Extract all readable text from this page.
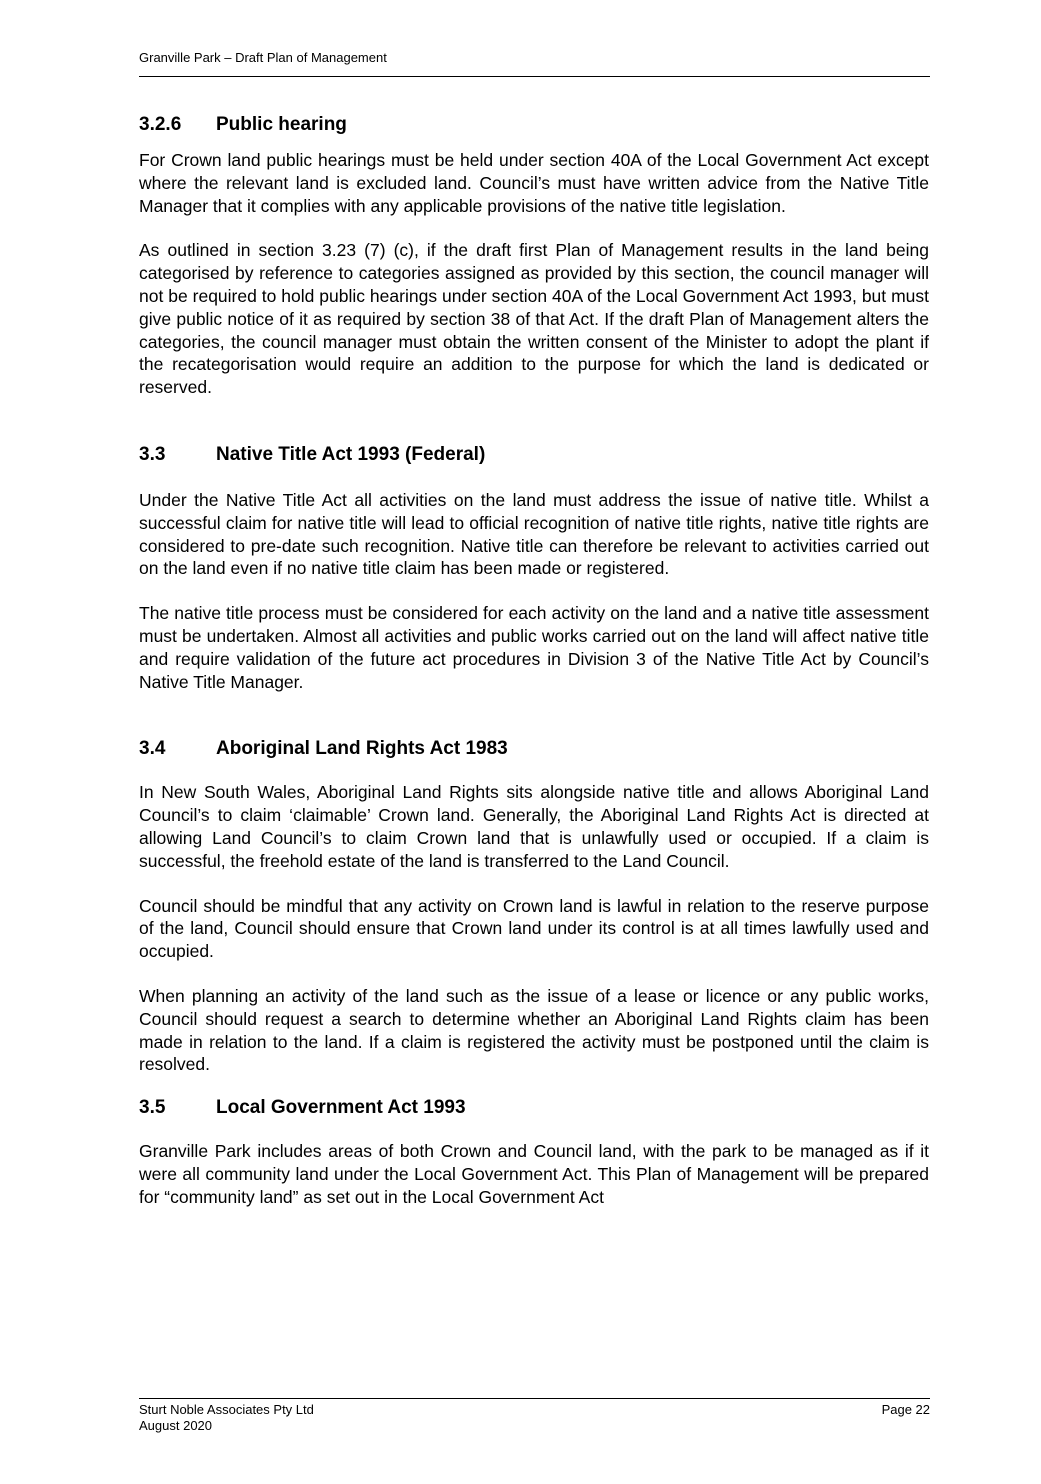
Granville Park – Draft Plan of Management
3.2.6	Public hearing

For Crown land public hearings must be held under section 40A of the Local Government Act except where the relevant land is excluded land. Council’s must have written advice from the Native Title Manager that it complies with any applicable provisions of the native title legislation.

As outlined in section 3.23 (7) (c), if the draft first Plan of Management results in the land being categorised by reference to categories assigned as provided by this section, the council manager will not be required to hold public hearings under section 40A of the Local Government Act 1993, but must give public notice of it as required by section 38 of that Act. If the draft Plan of Management alters the categories, the council manager must obtain the written consent of the Minister to adopt the plant if the recategorisation would require an addition to the purpose for which the land is dedicated or reserved.

3.3	Native Title Act 1993 (Federal)

Under the Native Title Act all activities on the land must address the issue of native title. Whilst a successful claim for native title will lead to official recognition of native title rights, native title rights are considered to pre-date such recognition. Native title can therefore be relevant to activities carried out on the land even if no native title claim has been made or registered.

The native title process must be considered for each activity on the land and a native title assessment must be undertaken. Almost all activities and public works carried out on the land will affect native title and require validation of the future act procedures in Division 3 of the Native Title Act by Council’s Native Title Manager.

3.4	Aboriginal Land Rights Act 1983

In New South Wales, Aboriginal Land Rights sits alongside native title and allows Aboriginal Land Council’s to claim ‘claimable’ Crown land. Generally, the Aboriginal Land Rights Act is directed at allowing Land Council’s to claim Crown land that is unlawfully used or occupied. If a claim is successful, the freehold estate of the land is transferred to the Land Council.

Council should be mindful that any activity on Crown land is lawful in relation to the reserve purpose of the land, Council should ensure that Crown land under its control is at all times lawfully used and occupied.

When planning an activity of the land such as the issue of a lease or licence or any public works, Council should request a search to determine whether an Aboriginal Land Rights claim has been made in relation to the land. If a claim is registered the activity must be postponed until the claim is resolved.

3.5	Local Government Act 1993

Granville Park includes areas of both Crown and Council land, with the park to be managed as if it were all community land under the Local Government Act. This Plan of Management will be prepared for “community land” as set out in the Local Government Act

Sturt Noble Associates Pty Ltd
August 2020
Page 22
